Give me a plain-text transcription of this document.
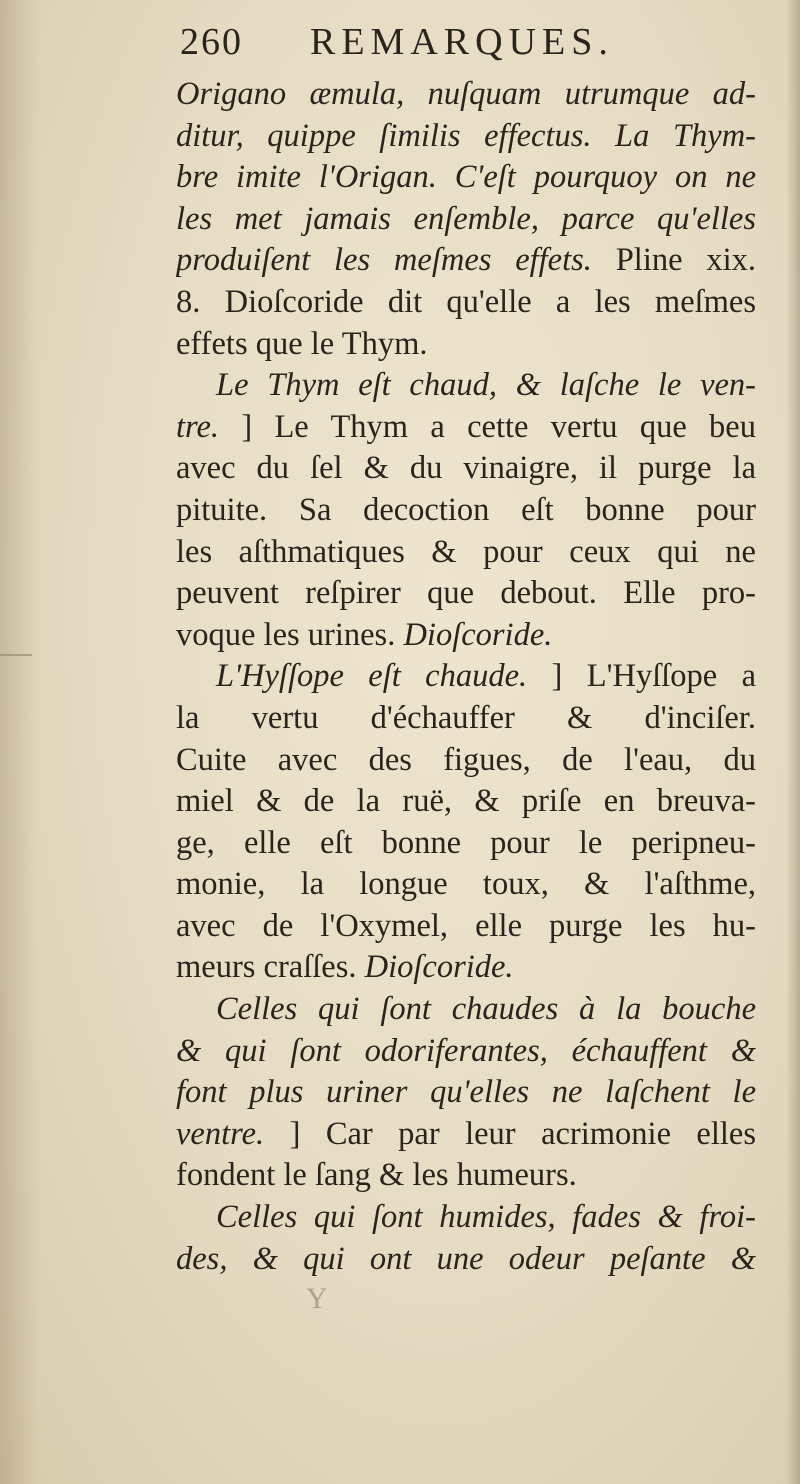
260 REMARQUES.
Origano æmula, nuſquam utrumque ad-
ditur, quippe ſimilis effectus. La Thym-
bre imite l'Origan. C'eſt pourquoy on ne
les met jamais enſemble, parce qu'elles
produiſent les meſmes effets. Pline xix.
8. Dioſcoride dit qu'elle a les meſmes
effets que le Thym.
Le Thym eſt chaud, & laſche le ven-
tre. ] Le Thym a cette vertu que beu
avec du ſel & du vinaigre, il purge la
pituite. Sa decoction eſt bonne pour
les aſthmatiques & pour ceux qui ne
peuvent reſpirer que debout. Elle pro-
voque les urines. Dioſcoride.
L'Hyſſope eſt chaude. ] L'Hyſſope a
la vertu d'échauffer & d'inciſer.
Cuite avec des figues, de l'eau, du
miel & de la ruë, & priſe en breuva-
ge, elle eſt bonne pour le peripneu-
monie, la longue toux, & l'aſthme,
avec de l'Oxymel, elle purge les hu-
meurs craſſes. Dioſcoride.
Celles qui ſont chaudes à la bouche
& qui ſont odoriferantes, échauffent &
font plus uriner qu'elles ne laſchent le
ventre. ] Car par leur acrimonie elles
fondent le ſang & les humeurs.
Celles qui ſont humides, fades & froi-
des, & qui ont une odeur peſante &
Y
